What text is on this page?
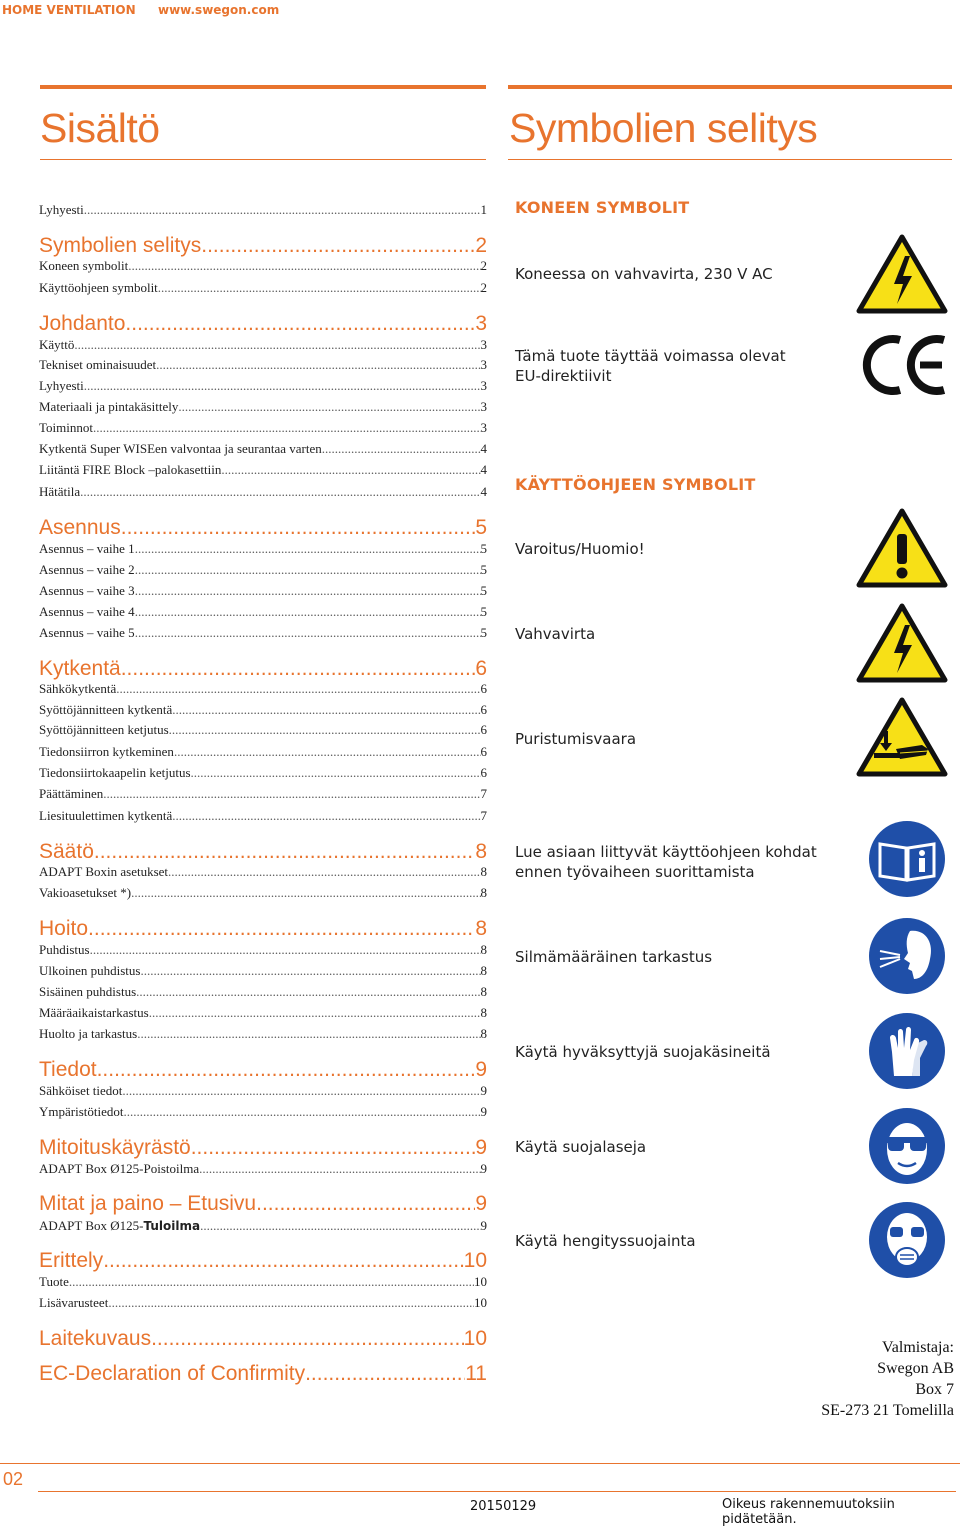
HOME VENTILATION www.swegon.com
Sisältö	Symbolien selitys
Lyhyesti .....	1
Symbolien selitys .....	2
Koneen symbolit .....	2
Käyttöohjeen symbolit .....	2
Johdanto .....	3
Käyttö .....	3
Tekniset ominaisuudet .....	3
Lyhyesti .....	3
Materiaali ja pintakäsittely .....	3
Toiminnot .....	3
Kytkentä Super WISEen valvontaa ja seurantaa varten .....	4
Liitäntä FIRE Block –palokasettiin .....	4
Hätätila .....	4
Asennus .....	5
Asennus – vaihe 1 .....	5
Asennus – vaihe 2 .....	5
Asennus – vaihe 3 .....	5
Asennus – vaihe 4 .....	5
Asennus – vaihe 5 .....	5
Kytkentä .....	6
Sähkökytkentä .....	6
Syöttöjännitteen kytkentä .....	6
Syöttöjännitteen ketjutus .....	6
Tiedonsiirron kytkeminen .....	6
Tiedonsiirtokaapelin ketjutus .....	6
Päättäminen .....	7
Liesituulettimen kytkentä .....	7
Säätö .....	8
ADAPT Boxin asetukset .....	8
Vakioasetukset *) .....	8
Hoito .....	8
Puhdistus .....	8
Ulkoinen puhdistus .....	8
Sisäinen puhdistus .....	8
Määräaikaistarkastus .....	8
Huolto ja tarkastus .....	8
Tiedot .....	9
Sähköiset tiedot .....	9
Ympäristötiedot .....	9
Mitoituskäyrästö .....	9
ADAPT Box Ø125-Poistoilma .....	9
Mitat ja paino – Etusivu .....	9
ADAPT Box Ø125- Tuloilma .....	9
Erittely .....	10
Tuote .....	10
Lisävarusteet .....	10
Laitekuvaus .....	10
EC-Declaration of Confirmity .....	11
KONEEN SYMBOLIT
Koneessa on vahvavirta, 230 V AC
Tämä tuote täyttää voimassa olevat EU-direktiivit
KÄYTTÖOHJEEN SYMBOLIT
Varoitus/Huomio!
Vahvavirta
Puristumisvaara
Lue asiaan liittyvät käyttöohjeen kohdat ennen työvaiheen suorittamista
Silmämääräinen tarkastus
Käytä hyväksyttyjä suojakäsineitä
Käytä suojalaseja
Käytä hengityssuojainta
Valmistaja:
Swegon AB
Box 7
SE-273 21 Tomelilla
02
20150129	Oikeus rakennemuutoksiin pidätetään.
